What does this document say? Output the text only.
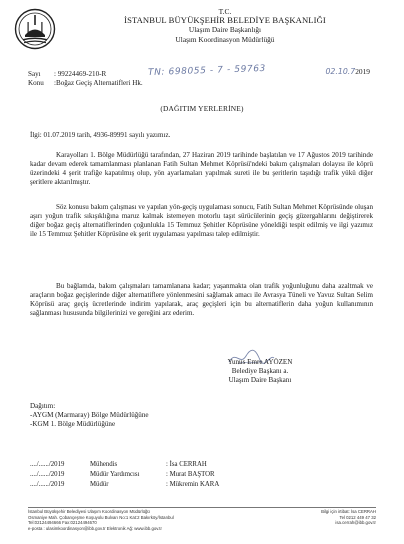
T.C.
İSTANBUL BÜYÜKŞEHİR BELEDİYE BAŞKANLIĞI
Ulaşım Daire Başkanlığı
Ulaşım Koordinasyon Müdürlüğü
Sayı : 99224469-210-R
Konu :Boğaz Geçiş Alternatifleri Hk.
TN: 698055 - 7 - 59763	02.10.72019
(DAĞITIM YERLERİNE)
İlgi: 01.07.2019 tarih, 4936-89991 sayılı yazımız.
Karayolları 1. Bölge Müdürlüğü tarafından, 27 Haziran 2019 tarihinde başlatılan ve 17 Ağustos 2019 tarihinde kadar devam ederek tamamlanması planlanan Fatih Sultan Mehmet Köprüsü'ndeki bakım çalışmaları dolayısı ile köprü üzerindeki 4 şerit trafiğe kapatılmış olup, yön ayarlamaları yapılmak sureti ile bu şeritlerin taşıdığı trafik yükü diğer şeritlere aktarılmıştır.
Söz konusu bakım çalışması ve yapılan yön-geçiş uygulaması sonucu, Fatih Sultan Mehmet Köprüsünde oluşan aşırı yoğun trafik sıkışıklığına maruz kalmak istemeyen motorlu taşıt sürücülerinin geçiş güzergahlarını değiştirerek diğer boğaz geçiş alternatiflerinden çoğunlukla 15 Temmuz Şehitler Köprüsüne yöneldiği tespit edilmiş ve ilgi yazımız ile 15 Temmuz Şehitler Köprüsüne ek şerit uygulaması yapılması talep edilmiştir.
Bu bağlamda, bakım çalışmaları tamamlanana kadar; yaşanmakta olan trafik yoğunluğunu daha azaltmak ve araçların boğaz geçişlerinde diğer alternatiflere yönlenmesini sağlamak amacı ile Avrasya Tüneli ve Yavuz Sultan Selim Köprüsü araç geçiş ücretlerinde indirim yapılarak, araç geçişleri için bu alternatiflerin daha yoğun kullanımının sağlanması hususunda bilgilerinizi ve gereğini arz ederim.
Yunus Emre AYÖZEN
Belediye Başkanı a.
Ulaşım Daire Başkanı
Dağıtım:
-AYGM (Marmaray) Bölge Müdürlüğüne
-KGM 1. Bölge Müdürlüğüne
..../....../2019	Mühendis	: İsa CERRAH
..../....../2019	Müdür Yardımcısı	: Murat BAŞTOR
..../....../2019	Müdür	: Mükremin KARA
İstanbul Büyükşehir Belediyesi Ulaşım Koordinasyon Müdürlüğü
Osmaniye Mah. Çobançeşme Koşuyolu Bulvarı No:1 Kat:2 Bakırköy/İstanbul
Tel:02124494666 Fax:02124494670
e-posta : ulasimkoordinasyon@ibb.gov.tr Elektronik Ağ: www.ibb.gov.tr
Bilgi için irtibat: İsa CERRAH
Tel 0212 449 47 32
isa.cerrah@ibb.gov.tr
